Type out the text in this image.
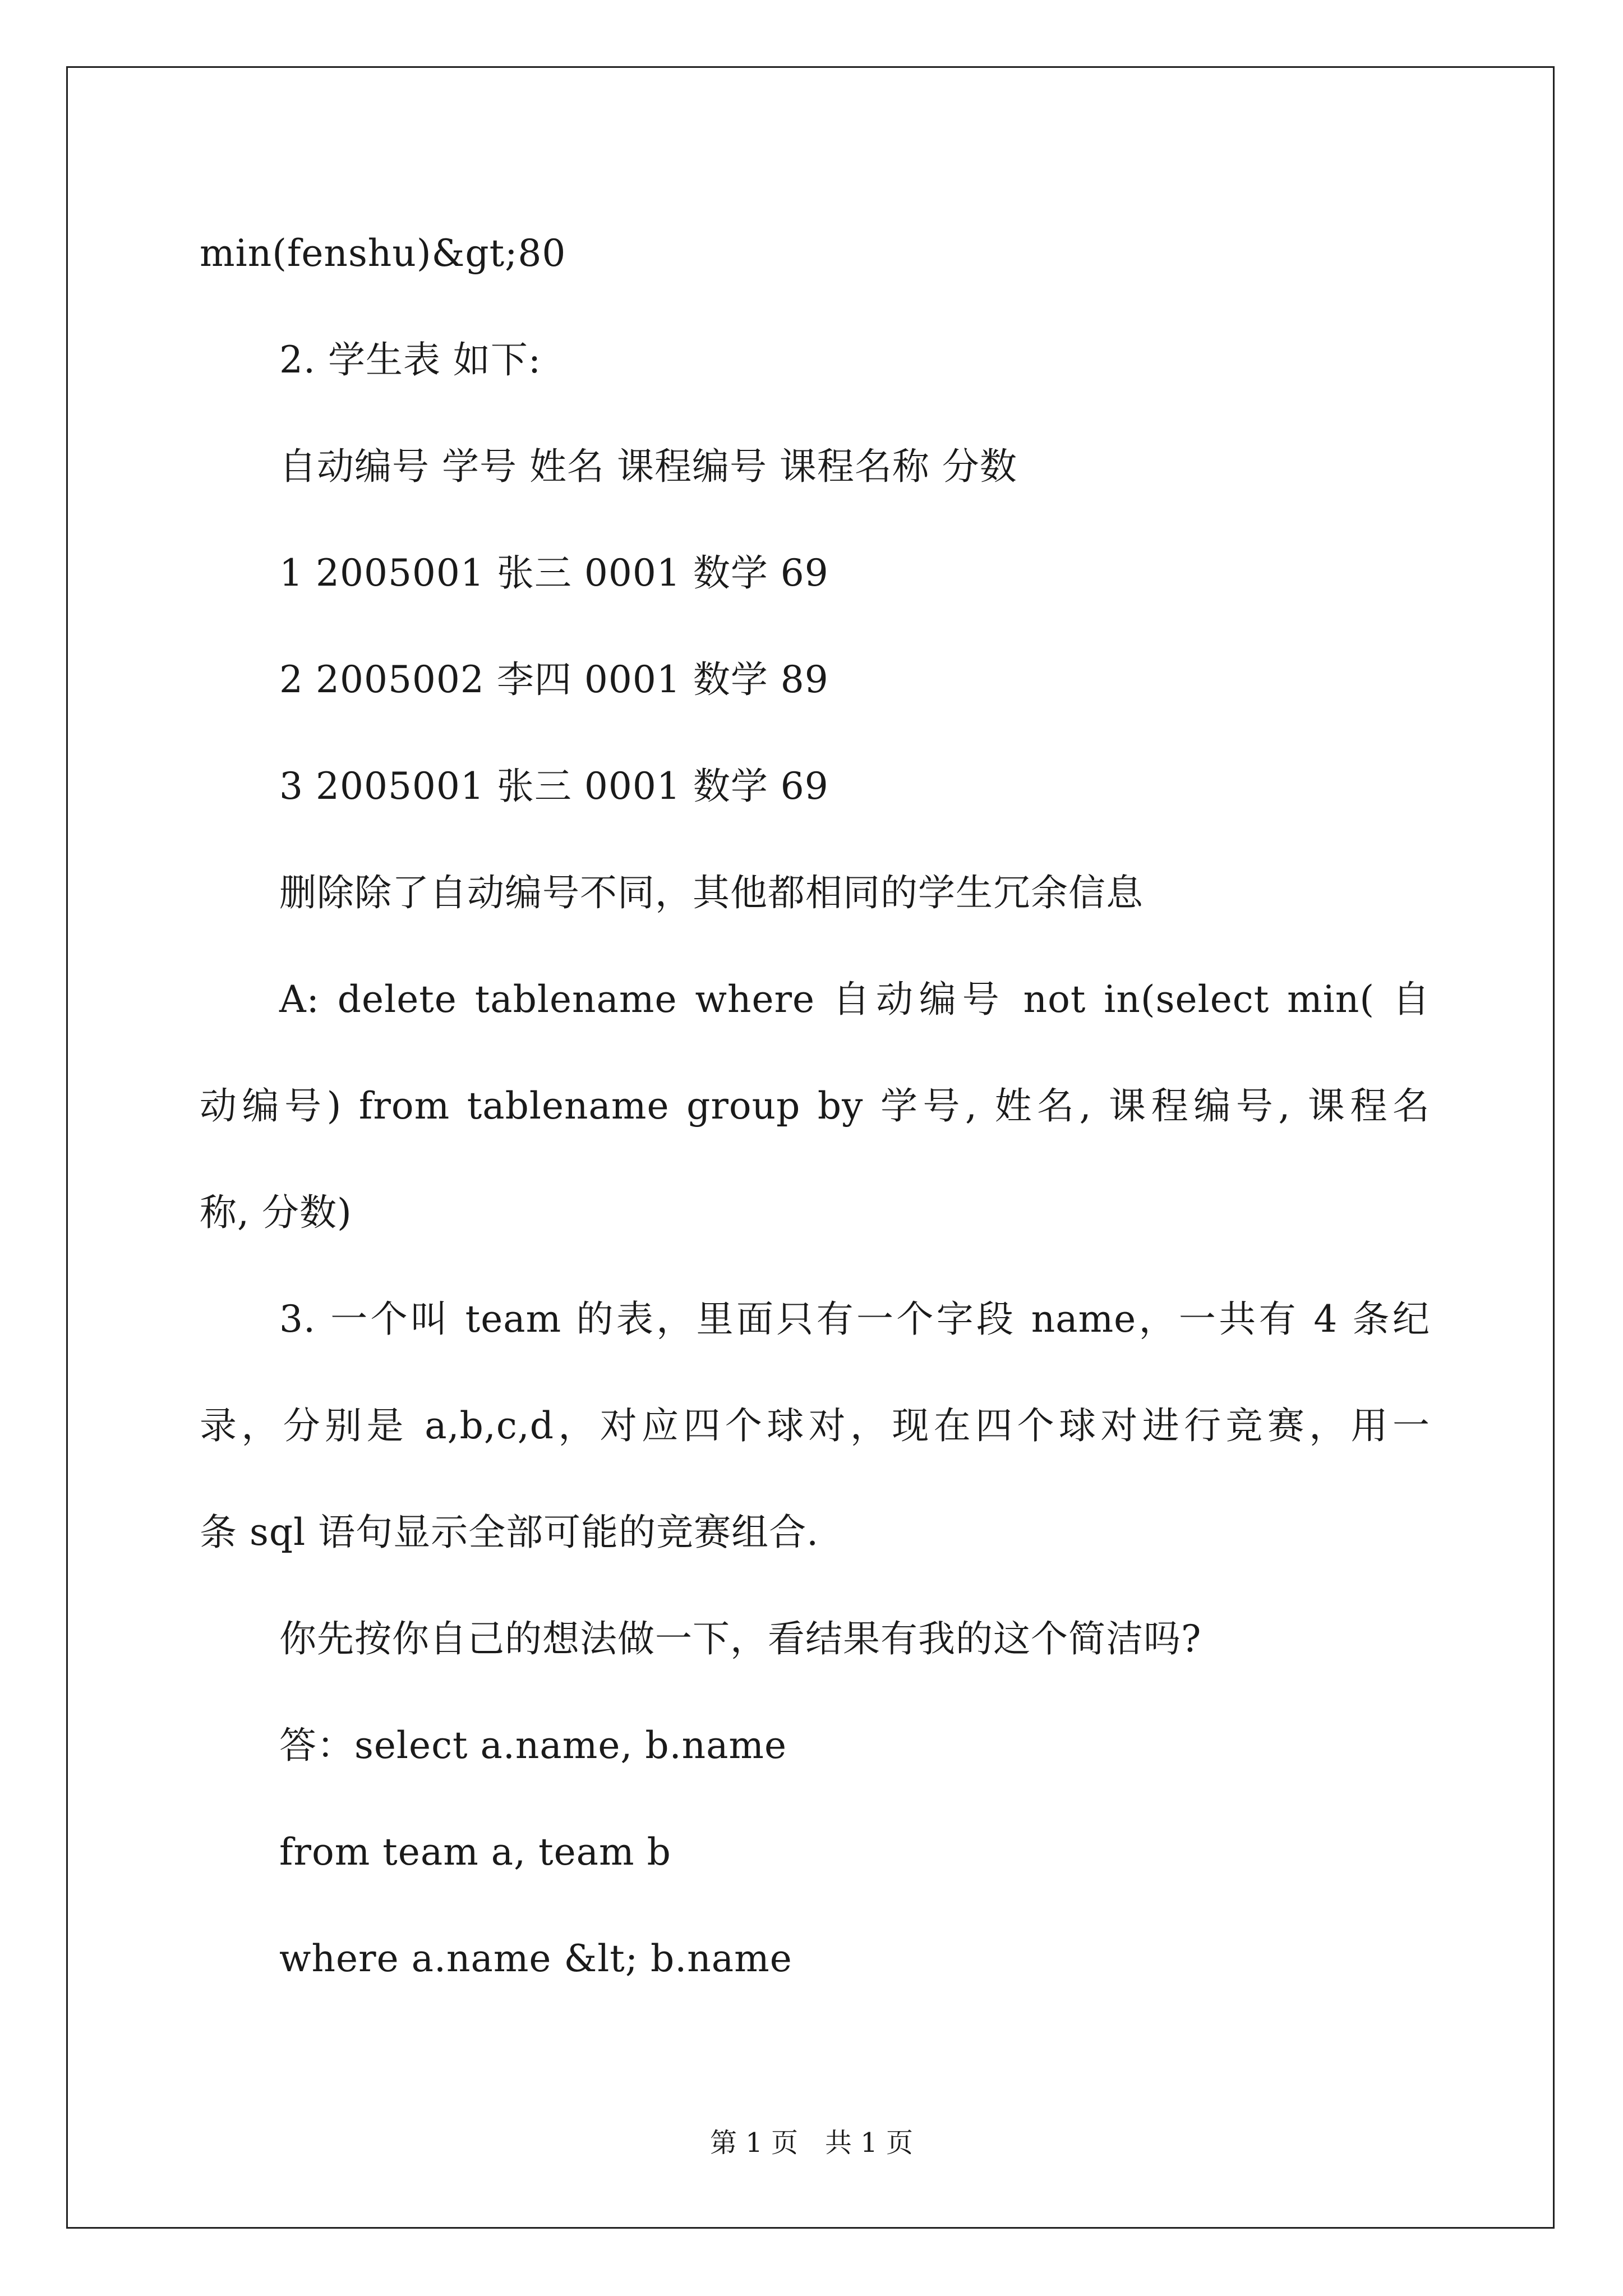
min(fenshu)&gt;80
2. 学生表 如下:
自动编号 学号 姓名 课程编号 课程名称 分数
1 2005001 张三 0001 数学 69
2 2005002 李四 0001 数学 89
3 2005001 张三 0001 数学 69
删除除了自动编号不同，其他都相同的学生冗余信息
A: delete tablename where 自动编号 not in(select min( 自
动编号) from tablename group by 学号, 姓名, 课程编号, 课程名
称, 分数)
3. 一个叫 team 的表，里面只有一个字段 name，一共有 4 条纪
录，分别是 a,b,c,d，对应四个球对，现在四个球对进行竞赛，用一
条 sql 语句显示全部可能的竞赛组合.
你先按你自己的想法做一下，看结果有我的这个简洁吗?
答：select a.name, b.name
from team a, team b
where a.name &lt; b.name
第 1 页　共 1 页
